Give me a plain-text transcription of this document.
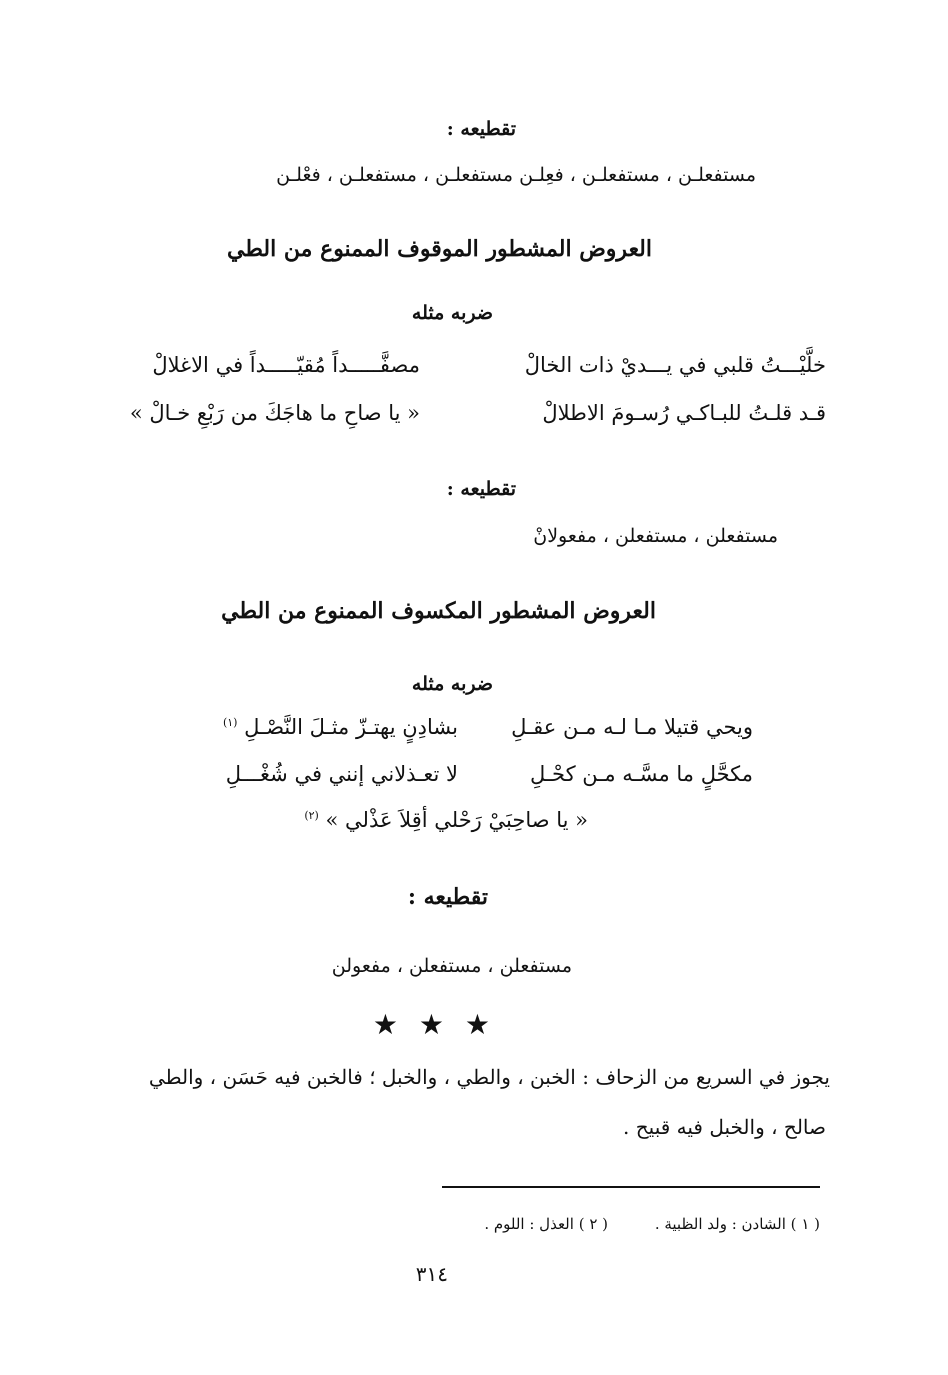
تقطيعه :
مستفعلـن ، مستفعلـن ، فعِلـن مستفعلـن ، مستفعلـن ، فعْلـن
العروض المشطور الموقوف الممنوع من الطي
ضربه مثله
خلَّيْـــتُ قلبي في يـــديْ ذات الخالْ
مصفَّـــــداً مُقيّـــــداً في الاغلالْ
قـد قلـتُ للبـاكـي رُسـومَ الاطلالْ
« يا صاحِ ما هاجَكَ من رَبْعِ خـالْ »
تقطيعه :
مستفعلن ، مستفعلن ، مفعولانْ
العروض المشطور المكسوف الممنوع من الطي
ضربه مثله
ويحي قتيلا مـا لـه مـن عقـلِ
بشادِنٍ يهتـزّ مثـلَ النَّصْـلِ $^{(١)}$
مكحَّلٍ ما مسَّـه مـن كحْـلِ
لا تعـذلاني إنني في شُغْـــلِ
« يا صاحِبَيْ رَحْلي أقِلاَ عَذْلي » $^{(٢)}$
تقطيعه :
مستفعلن ، مستفعلن ، مفعولن
★ ★ ★
يجوز في السريع من الزحاف : الخبن ، والطي ، والخبل ؛ فالخبن فيه حَسَن ، والطي
صالح ، والخبل فيه قبيح .
( ١ ) الشادن : ولد الظبية .
( ٢ ) العذل : اللوم .
٣١٤
